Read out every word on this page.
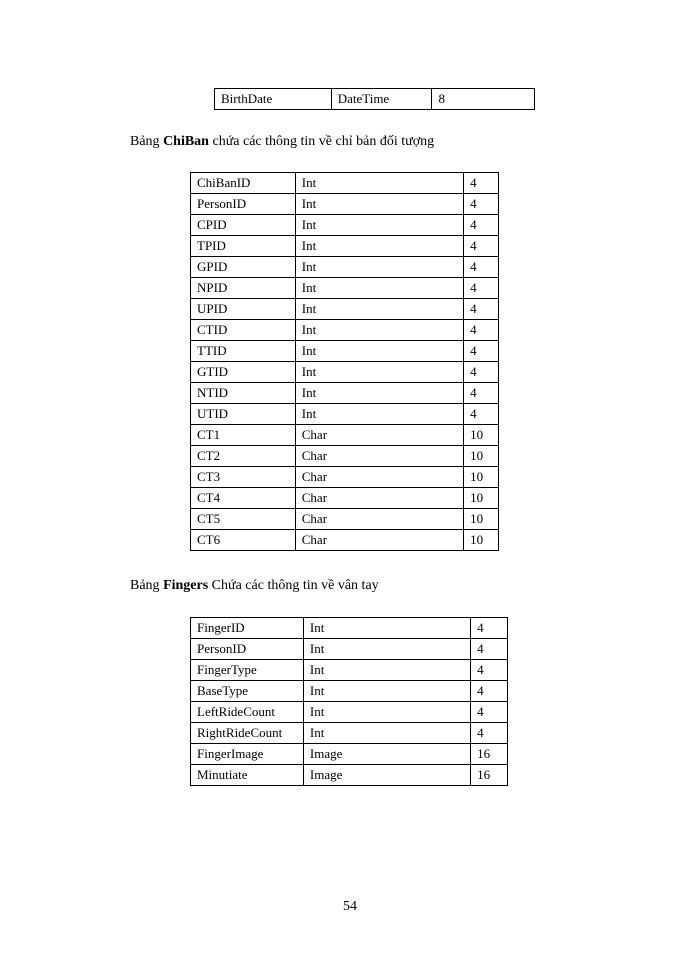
BirthDate	DateTime	8
Bảng ChiBan chứa các thông tin về chỉ bản đối tượng
ChiBanID	Int	4
PersonID	Int	4
CPID	Int	4
TPID	Int	4
GPID	Int	4
NPID	Int	4
UPID	Int	4
CTID	Int	4
TTID	Int	4
GTID	Int	4
NTID	Int	4
UTID	Int	4
CT1	Char	10
CT2	Char	10
CT3	Char	10
CT4	Char	10
CT5	Char	10
CT6	Char	10
Bảng Fingers Chứa các thông tin về vân tay
FingerID	Int	4
PersonID	Int	4
FingerType	Int	4
BaseType	Int	4
LeftRideCount	Int	4
RightRideCount	Int	4
FingerImage	Image	16
Minutiate	Image	16
54
